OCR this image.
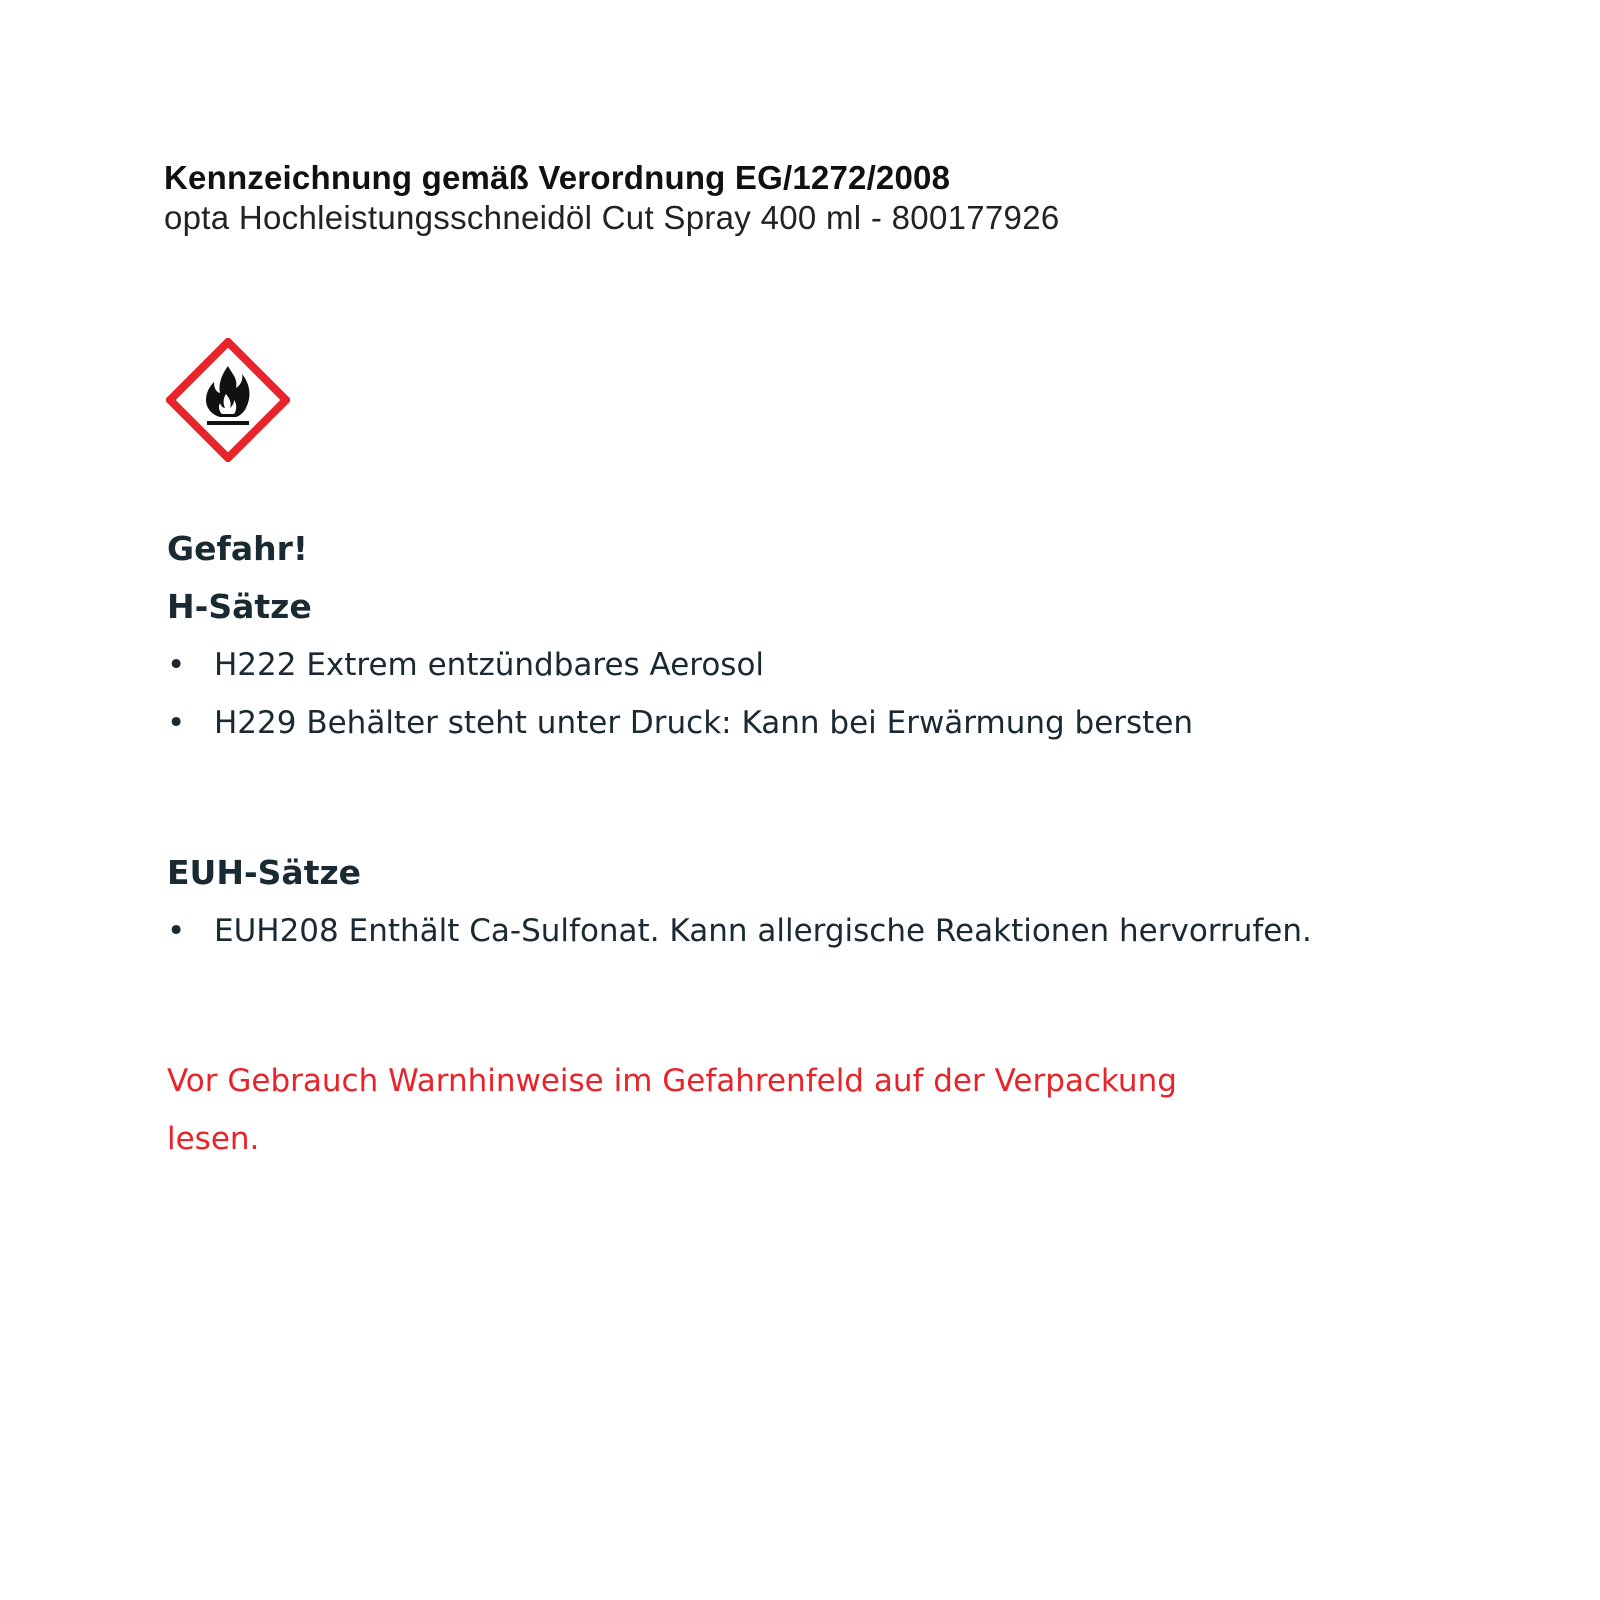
Kennzeichnung gemäß Verordnung EG/1272/2008
opta Hochleistungsschneidöl Cut Spray 400 ml - 800177926
Gefahr!
H-Sätze
• H222 Extrem entzündbares Aerosol
• H229 Behälter steht unter Druck: Kann bei Erwärmung bersten
EUH-Sätze
• EUH208 Enthält Ca-Sulfonat. Kann allergische Reaktionen hervorrufen.
Vor Gebrauch Warnhinweise im Gefahrenfeld auf der Verpackung lesen.
